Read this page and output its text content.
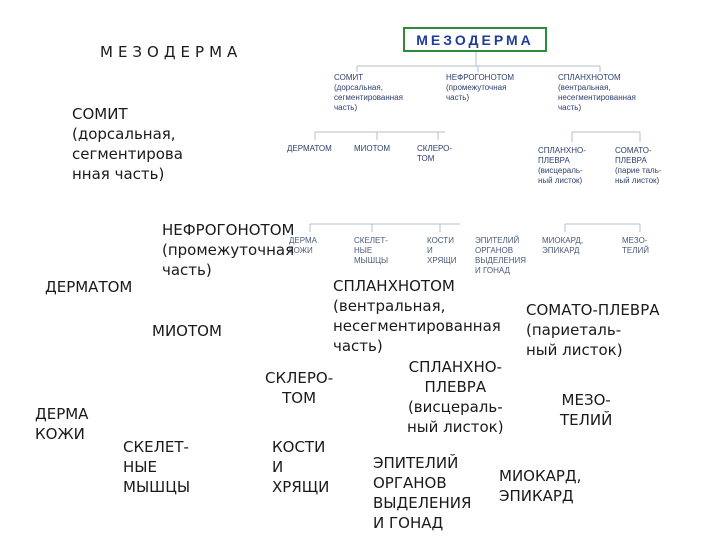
МЕЗОДЕРМА
СОМИТ
(дорсальная,
сегментированная
часть)
НЕФРОГОНОТОМ
(промежуточная
часть)
СПЛАНХНОТОМ
(вентральная,
несегментированная
часть)
ДЕРМАТОМ	МИОТОМ	СКЛЕРО-
ТОМ
СПЛАНХНО-
ПЛЕВРА
(висцераль-
ный листок)
СОМАТО-
ПЛЕВРА
(парие таль-
ный листок)
ДЕРМА
КОЖИ
СКЕЛЕТ-
НЫЕ
МЫШЦЫ
КОСТИ
И
ХРЯЩИ
ЭПИТЕЛИЙ
ОРГАНОВ
ВЫДЕЛЕНИЯ
И ГОНАД
МИОКАРД,
ЭПИКАРД
МЕЗО-
ТЕЛИЙ
МЕЗОДЕРМА
СОМИТ
(дорсальная,
сегментирова
нная часть)
НЕФРОГОНОТОМ
(промежуточная
часть)
ДЕРМАТОМ	СПЛАНХНОТОМ
(вентральная,
несегментированная
часть)
СОМАТО-ПЛЕВРА
(париеталь-
ный листок)
МИОТОМ
СПЛАНХНО-
ПЛЕВРА
(висцераль-
ный листок)
СКЛЕРО-
ТОМ	МЕЗО-
ТЕЛИЙ
ДЕРМА
КОЖИ
СКЕЛЕТ-
НЫЕ
МЫШЦЫ
КОСТИ
И
ХРЯЩИ
ЭПИТЕЛИЙ
ОРГАНОВ
ВЫДЕЛЕНИЯ
И ГОНАД
МИОКАРД,
ЭПИКАРД
